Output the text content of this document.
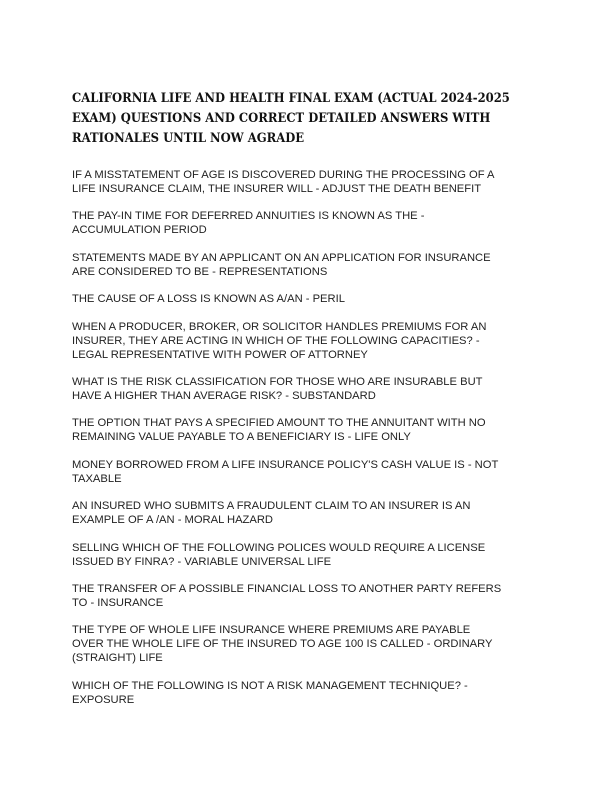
CALIFORNIA LIFE AND HEALTH FINAL EXAM (ACTUAL 2024-2025
EXAM) QUESTIONS AND CORRECT DETAILED ANSWERS WITH
RATIONALES UNTIL NOW AGRADE

IF A MISSTATEMENT OF AGE IS DISCOVERED DURING THE PROCESSING OF A
LIFE INSURANCE CLAIM, THE INSURER WILL - ADJUST THE DEATH BENEFIT

THE PAY-IN TIME FOR DEFERRED ANNUITIES IS KNOWN AS THE -
ACCUMULATION PERIOD

STATEMENTS MADE BY AN APPLICANT ON AN APPLICATION FOR INSURANCE
ARE CONSIDERED TO BE - REPRESENTATIONS

THE CAUSE OF A LOSS IS KNOWN AS A/AN - PERIL

WHEN A PRODUCER, BROKER, OR SOLICITOR HANDLES PREMIUMS FOR AN
INSURER, THEY ARE ACTING IN WHICH OF THE FOLLOWING CAPACITIES? -
LEGAL REPRESENTATIVE WITH POWER OF ATTORNEY

WHAT IS THE RISK CLASSIFICATION FOR THOSE WHO ARE INSURABLE BUT
HAVE A HIGHER THAN AVERAGE RISK? - SUBSTANDARD

THE OPTION THAT PAYS A SPECIFIED AMOUNT TO THE ANNUITANT WITH NO
REMAINING VALUE PAYABLE TO A BENEFICIARY IS - LIFE ONLY

MONEY BORROWED FROM A LIFE INSURANCE POLICY'S CASH VALUE IS - NOT
TAXABLE

AN INSURED WHO SUBMITS A FRAUDULENT CLAIM TO AN INSURER IS AN
EXAMPLE OF A /AN - MORAL HAZARD

SELLING WHICH OF THE FOLLOWING POLICES WOULD REQUIRE A LICENSE
ISSUED BY FINRA? - VARIABLE UNIVERSAL LIFE

THE TRANSFER OF A POSSIBLE FINANCIAL LOSS TO ANOTHER PARTY REFERS
TO - INSURANCE

THE TYPE OF WHOLE LIFE INSURANCE WHERE PREMIUMS ARE PAYABLE
OVER THE WHOLE LIFE OF THE INSURED TO AGE 100 IS CALLED - ORDINARY
(STRAIGHT) LIFE

WHICH OF THE FOLLOWING IS NOT A RISK MANAGEMENT TECHNIQUE? -
EXPOSURE
